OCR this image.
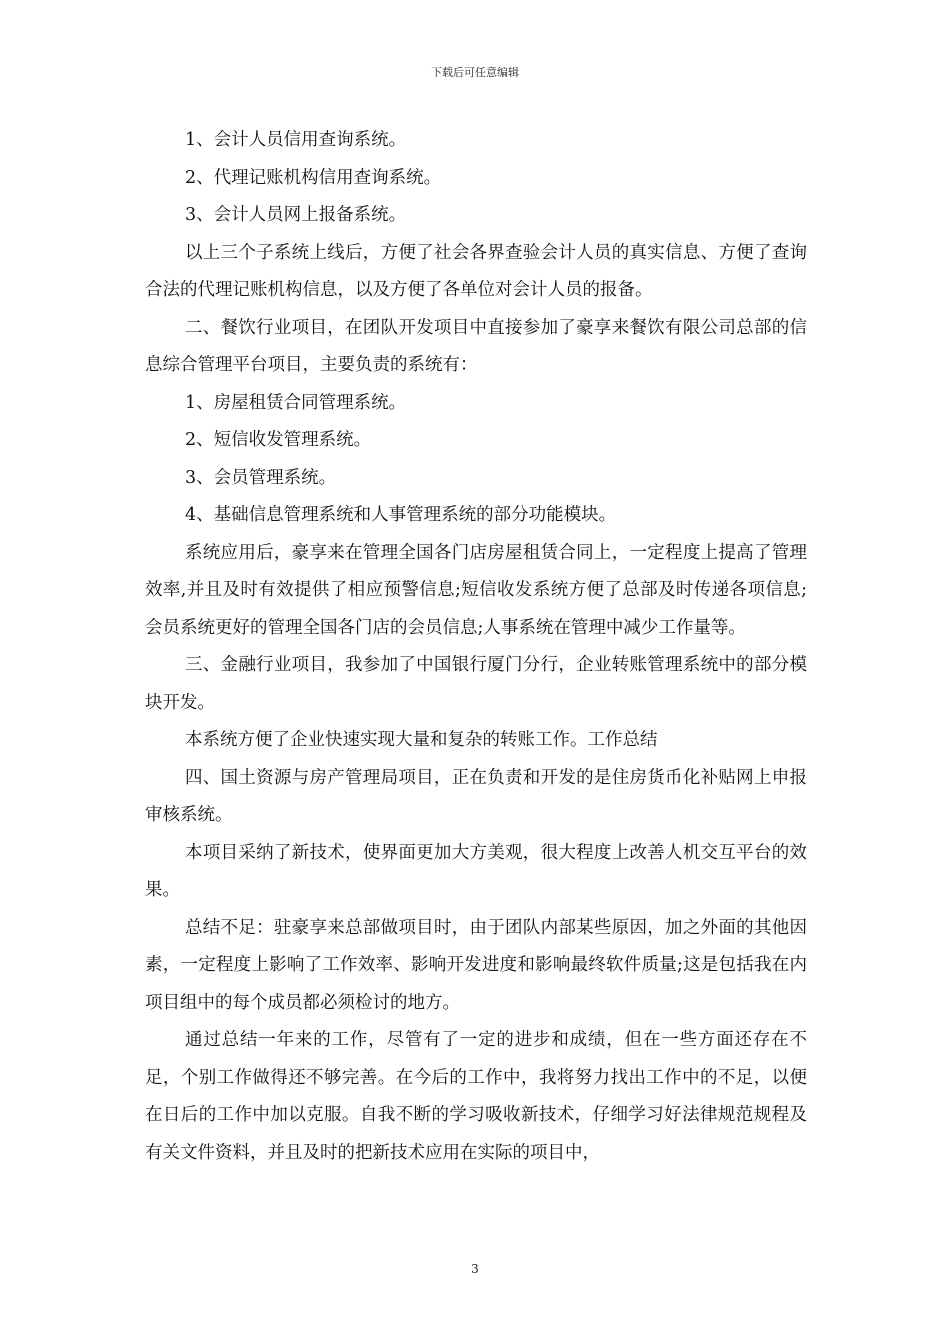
下载后可任意编辑

1、会计人员信用查询系统。

2、代理记账机构信用查询系统。

3、会计人员网上报备系统。

以上三个子系统上线后，方便了社会各界查验会计人员的真实信息、方便了查询合法的代理记账机构信息，以及方便了各单位对会计人员的报备。

二、餐饮行业项目，在团队开发项目中直接参加了豪享来餐饮有限公司总部的信息综合管理平台项目，主要负责的系统有：

1、房屋租赁合同管理系统。

2、短信收发管理系统。

3、会员管理系统。

4、基础信息管理系统和人事管理系统的部分功能模块。

系统应用后，豪享来在管理全国各门店房屋租赁合同上，一定程度上提高了管理效率,并且及时有效提供了相应预警信息;短信收发系统方便了总部及时传递各项信息;会员系统更好的管理全国各门店的会员信息;人事系统在管理中减少工作量等。

三、金融行业项目，我参加了中国银行厦门分行，企业转账管理系统中的部分模块开发。

本系统方便了企业快速实现大量和复杂的转账工作。工作总结

四、国土资源与房产管理局项目，正在负责和开发的是住房货币化补贴网上申报审核系统。

本项目采纳了新技术，使界面更加大方美观，很大程度上改善人机交互平台的效果。

总结不足：驻豪享来总部做项目时，由于团队内部某些原因，加之外面的其他因素，一定程度上影响了工作效率、影响开发进度和影响最终软件质量;这是包括我在内项目组中的每个成员都必须检讨的地方。

通过总结一年来的工作，尽管有了一定的进步和成绩，但在一些方面还存在不足，个别工作做得还不够完善。在今后的工作中，我将努力找出工作中的不足，以便在日后的工作中加以克服。自我不断的学习吸收新技术，仔细学习好法律规范规程及有关文件资料，并且及时的把新技术应用在实际的项目中，

3
